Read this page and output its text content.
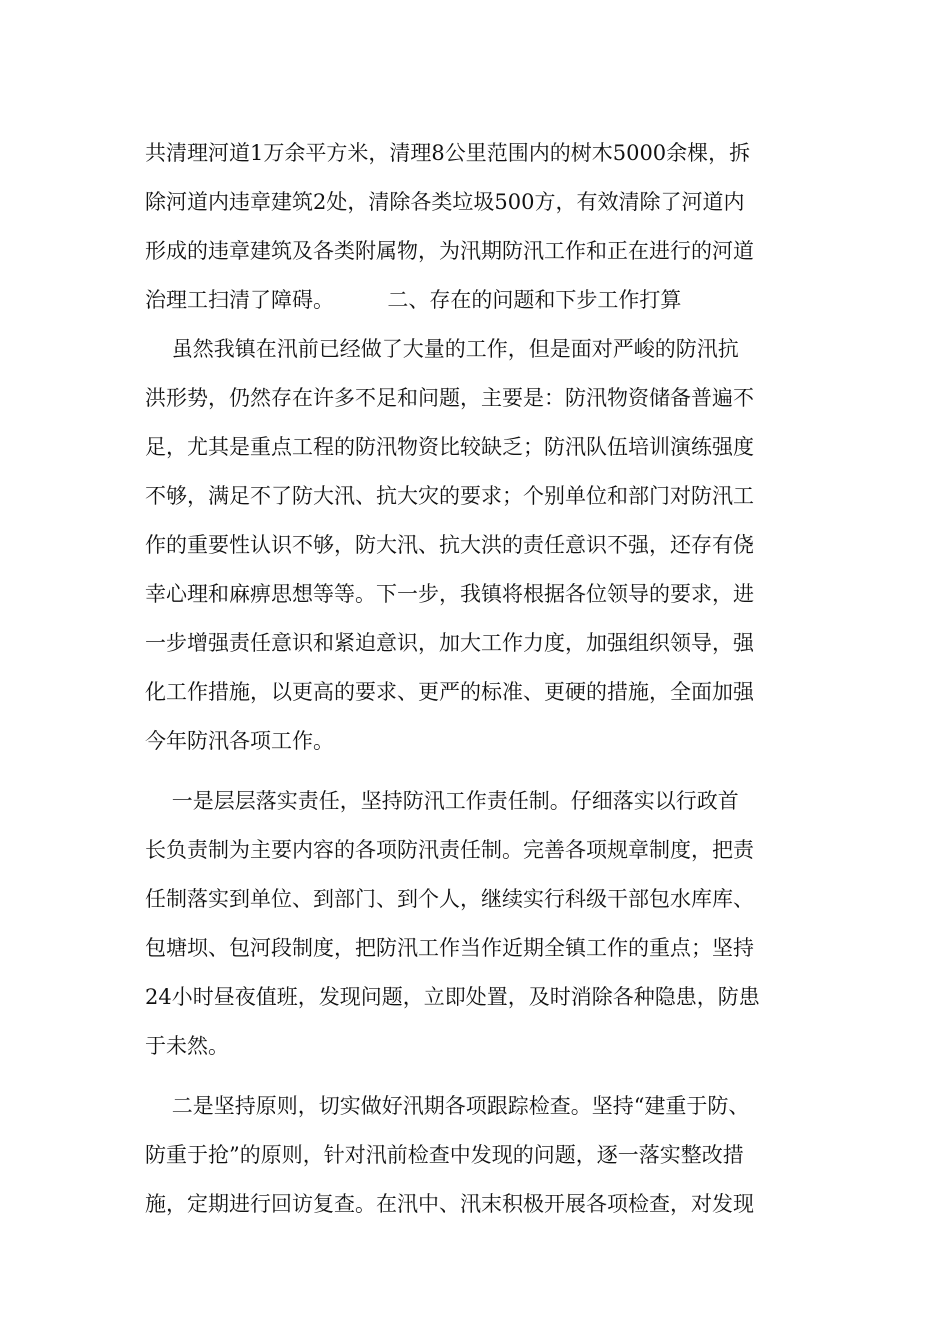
共清理河道1万余平方米，清理8公里范围内的树木5000余棵，拆
除河道内违章建筑2处，清除各类垃圾500方，有效清除了河道内
形成的违章建筑及各类附属物，为汛期防汛工作和正在进行的河道
治理工扫清了障碍。        二、存在的问题和下步工作打算
虽然我镇在汛前已经做了大量的工作，但是面对严峻的防汛抗
洪形势，仍然存在许多不足和问题，主要是：防汛物资储备普遍不
足，尤其是重点工程的防汛物资比较缺乏；防汛队伍培训演练强度
不够，满足不了防大汛、抗大灾的要求；个别单位和部门对防汛工
作的重要性认识不够，防大汛、抗大洪的责任意识不强，还存有侥
幸心理和麻痹思想等等。下一步，我镇将根据各位领导的要求，进
一步增强责任意识和紧迫意识，加大工作力度，加强组织领导，强
化工作措施，以更高的要求、更严的标准、更硬的措施，全面加强
今年防汛各项工作。
一是层层落实责任，坚持防汛工作责任制。仔细落实以行政首
长负责制为主要内容的各项防汛责任制。完善各项规章制度，把责
任制落实到单位、到部门、到个人，继续实行科级干部包水库库、
包塘坝、包河段制度，把防汛工作当作近期全镇工作的重点；坚持
24小时昼夜值班，发现问题，立即处置，及时消除各种隐患，防患
于未然。
二是坚持原则，切实做好汛期各项跟踪检查。坚持“建重于防、
防重于抢”的原则，针对汛前检查中发现的问题，逐一落实整改措
施，定期进行回访复查。在汛中、汛末积极开展各项检查，对发现
